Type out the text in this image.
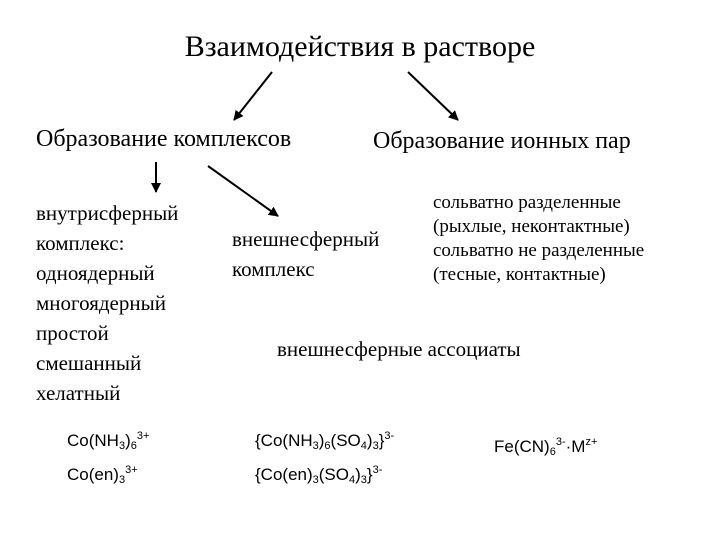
Взаимодействия в растворе
Образование комплексов	Образование ионных пар
внутрисферный
комплекс:
одноядерный
многоядерный
простой
смешанный
хелатный
внешнесферный
комплекс
сольватно разделенные
(рыхлые, неконтактные)
сольватно не разделенные
(тесные, контактные)
внешнесферные ассоциаты
$Co(NH_3)_6^{3+}$
$Co(en)_3^{3+}$
$\{Co(NH_3)_6(SO_4)_3\}^{3-}$
$\{Co(en)_3(SO_4)_3\}^{3-}$
$Fe(CN)_6^{3-}\cdot M^{z+}$
